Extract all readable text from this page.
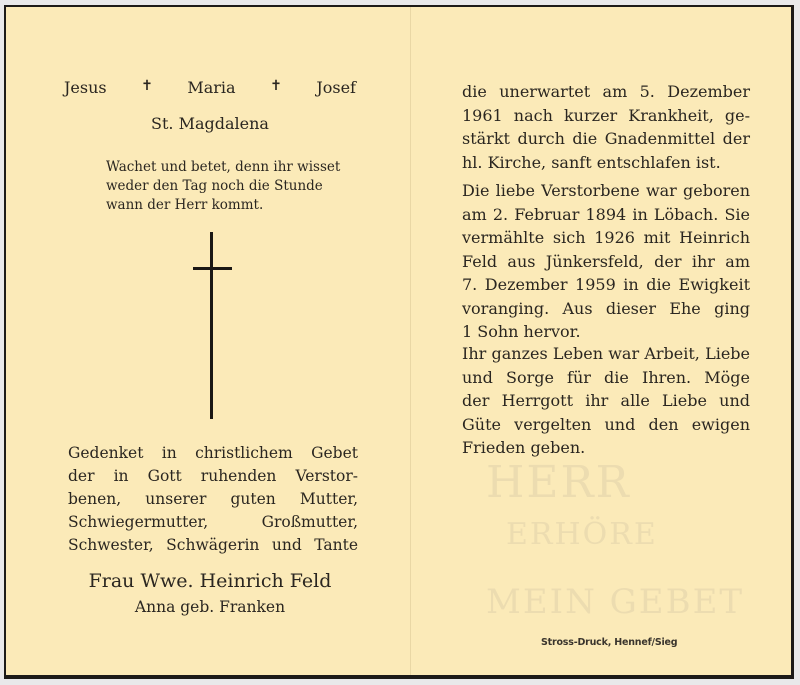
HERR
ERHÖRE
MEIN GEBET
Jesus ✝ Maria ✝ Josef
St. Magdalena
Wachet und betet, denn ihr wisset
weder den Tag noch die Stunde
wann der Herr kommt.
Gedenket in christlichem Gebet
der in Gott ruhenden Verstor-
benen, unserer guten Mutter,
Schwiegermutter, Großmutter,
Schwester, Schwägerin und Tante
Frau Wwe. Heinrich Feld
Anna geb. Franken
die unerwartet am 5. Dezember
1961 nach kurzer Krankheit, ge-
stärkt durch die Gnadenmittel der
hl. Kirche, sanft entschlafen ist.
Die liebe Verstorbene war geboren
am 2. Februar 1894 in Löbach. Sie
vermählte sich 1926 mit Heinrich
Feld aus Jünkersfeld, der ihr am
7. Dezember 1959 in die Ewigkeit
voranging. Aus dieser Ehe ging
1 Sohn hervor.
Ihr ganzes Leben war Arbeit, Liebe
und Sorge für die Ihren. Möge
der Herrgott ihr alle Liebe und
Güte vergelten und den ewigen
Frieden geben.
Stross-Druck, Hennef/Sieg
